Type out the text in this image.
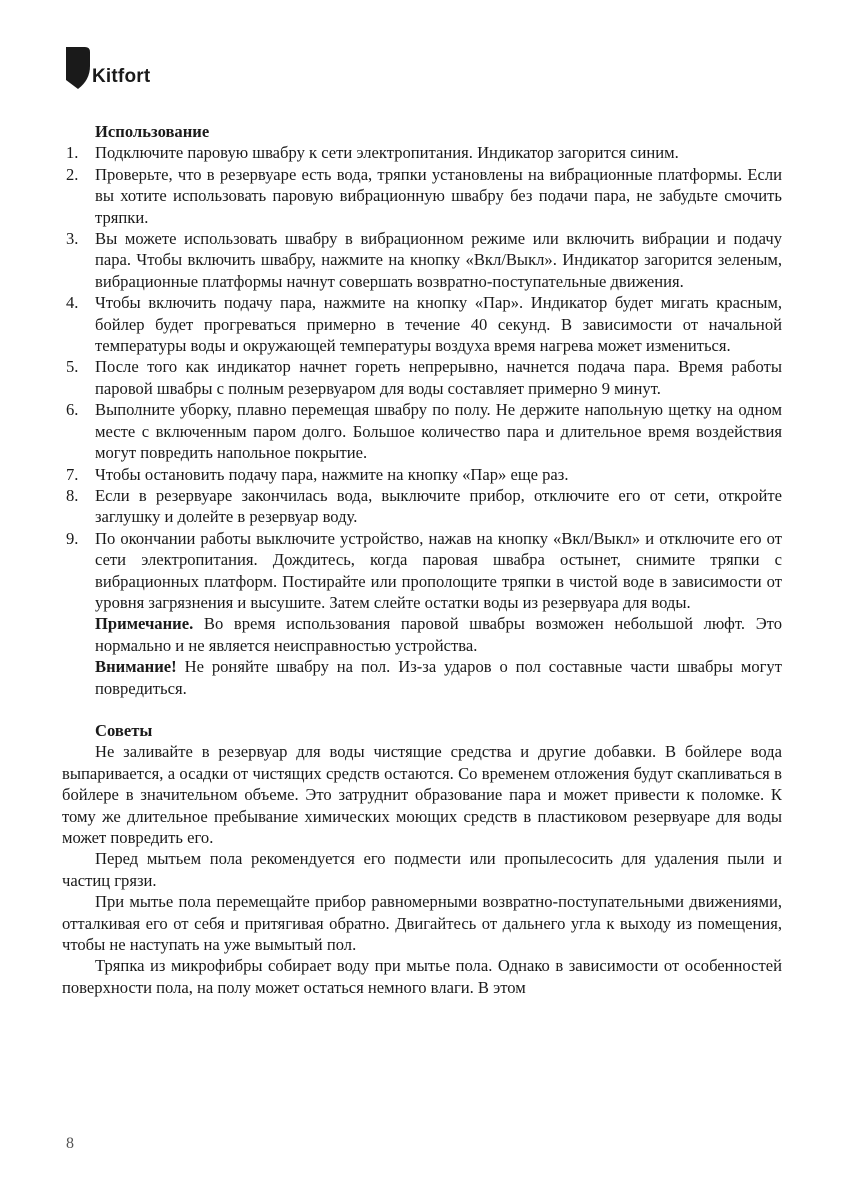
Kitfort
Использование
1. Подключите паровую швабру к сети электропитания. Индикатор загорится синим.
2. Проверьте, что в резервуаре есть вода, тряпки установлены на вибрационные платформы. Если вы хотите использовать паровую вибрационную швабру без подачи пара, не забудьте смочить тряпки.
3. Вы можете использовать швабру в вибрационном режиме или включить вибрации и подачу пара. Чтобы включить швабру, нажмите на кнопку «Вкл/Выкл». Индикатор загорится зеленым, вибрационные платформы начнут совершать возвратно-поступательные движения.
4. Чтобы включить подачу пара, нажмите на кнопку «Пар». Индикатор будет мигать красным, бойлер будет прогреваться примерно в течение 40 секунд. В зависимости от начальной температуры воды и окружающей температуры воздуха время нагрева может измениться.
5. После того как индикатор начнет гореть непрерывно, начнется подача пара. Время работы паровой швабры с полным резервуаром для воды составляет примерно 9 минут.
6. Выполните уборку, плавно перемещая швабру по полу. Не держите напольную щетку на одном месте с включенным паром долго. Большое количество пара и длительное время воздействия могут повредить напольное покрытие.
7. Чтобы остановить подачу пара, нажмите на кнопку «Пар» еще раз.
8. Если в резервуаре закончилась вода, выключите прибор, отключите его от сети, откройте заглушку и долейте в резервуар воду.
9. По окончании работы выключите устройство, нажав на кнопку «Вкл/Выкл» и отключите его от сети электропитания. Дождитесь, когда паровая швабра остынет, снимите тряпки с вибрационных платформ. Постирайте или прополощите тряпки в чистой воде в зависимости от уровня загрязнения и высушите. Затем слейте остатки воды из резервуара для воды.
Примечание. Во время использования паровой швабры возможен небольшой люфт. Это нормально и не является неисправностью устройства.
Внимание! Не роняйте швабру на пол. Из-за ударов о пол составные части швабры могут повредиться.
Советы

Не заливайте в резервуар для воды чистящие средства и другие добавки. В бойлере вода выпаривается, а осадки от чистящих средств остаются. Со временем отложения будут скапливаться в бойлере в значительном объеме. Это затруднит образование пара и может привести к поломке. К тому же длительное пребывание химических моющих средств в пластиковом резервуаре для воды может повредить его.

Перед мытьем пола рекомендуется его подмести или пропылесосить для удаления пыли и частиц грязи.

При мытье пола перемещайте прибор равномерными возвратно-поступательными движениями, отталкивая его от себя и притягивая обратно. Двигайтесь от дальнего угла к выходу из помещения, чтобы не наступать на уже вымытый пол.

Тряпка из микрофибры собирает воду при мытье пола. Однако в зависимости от особенностей поверхности пола, на полу может остаться немного влаги. В этом

8
